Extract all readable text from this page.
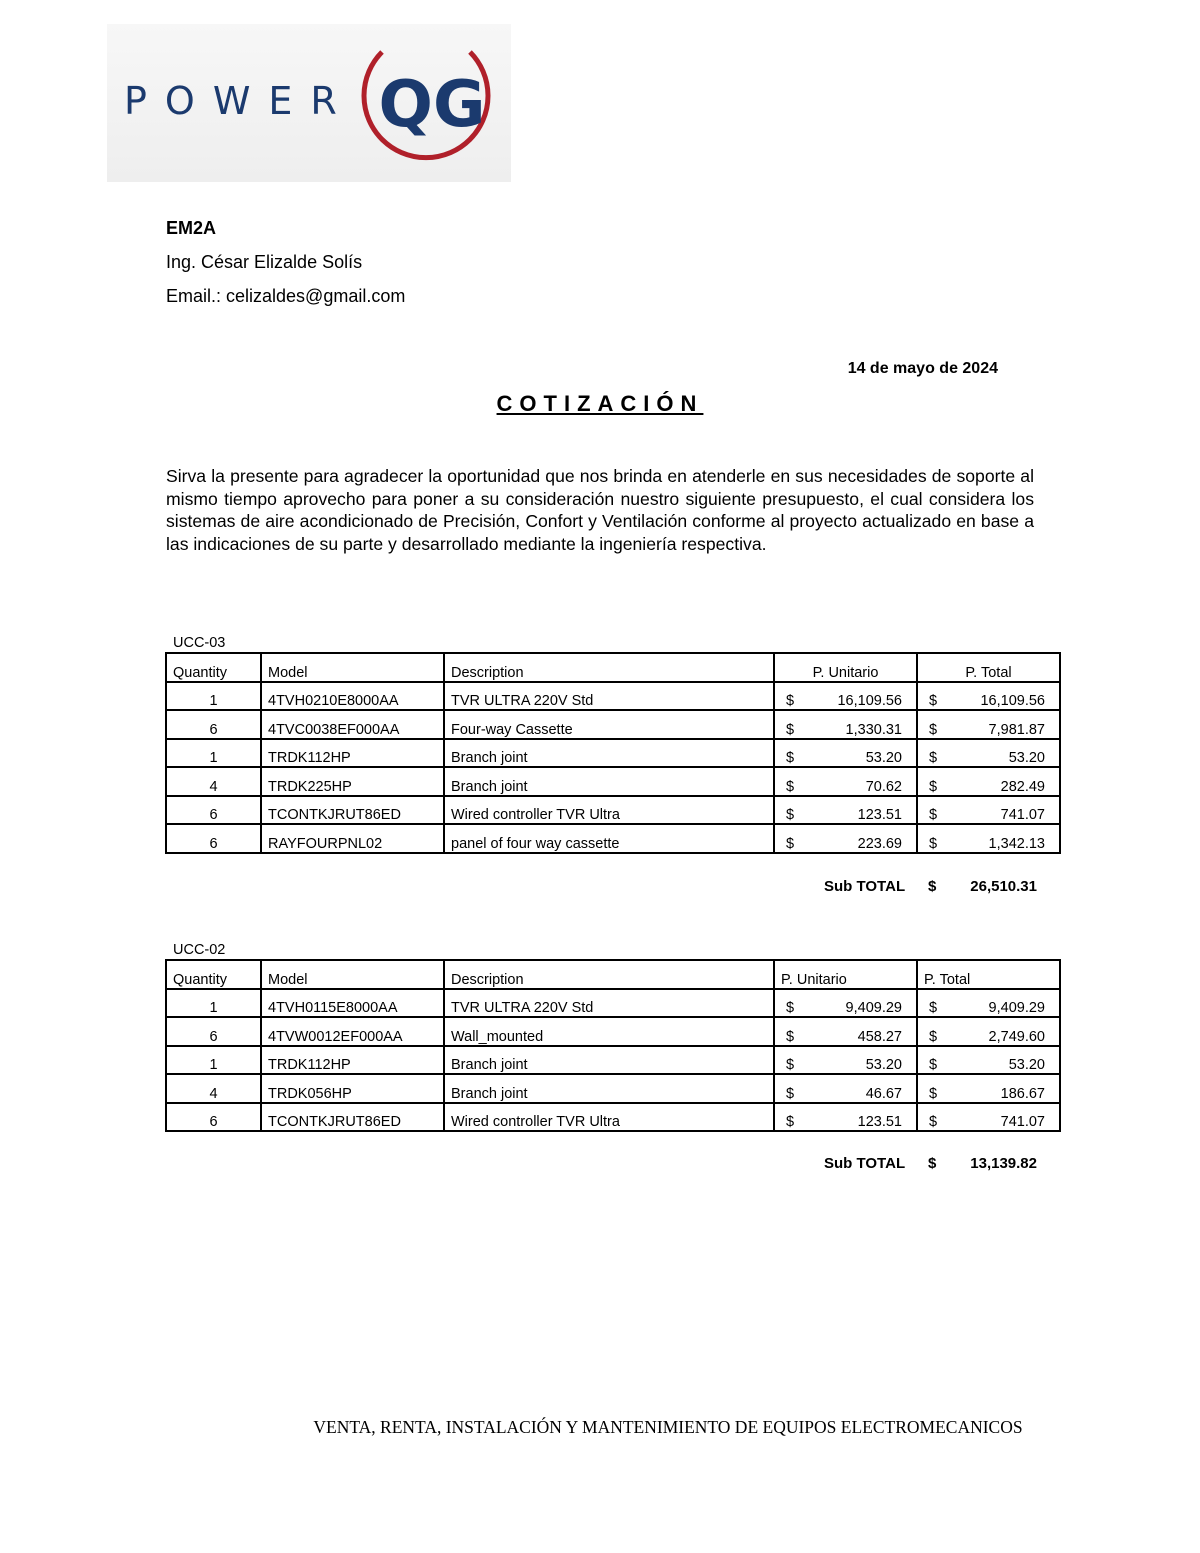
POWER QG
EM2A
Ing. César Elizalde Solís
Email.: celizaldes@gmail.com
14 de mayo de 2024
COTIZACIÓN
Sirva la presente para agradecer la oportunidad que nos brinda en atenderle en sus necesidades de soporte al mismo tiempo aprovecho para poner a su consideración nuestro siguiente presupuesto, el cual considera los sistemas de aire acondicionado de Precisión, Confort y Ventilación conforme al proyecto actualizado en base a las indicaciones de su parte y desarrollado mediante la ingeniería respectiva.
UCC-03
Quantity	Model	Description	P. Unitario	P. Total
1	4TVH0210E8000AA	TVR ULTRA 220V Std	$ 16,109.56	$ 16,109.56

6	4TVC0038EF000AA	Four-way Cassette	$ 1,330.31	$ 7,981.87

1	TRDK112HP	Branch joint	$ 53.20	$ 53.20

4	TRDK225HP	Branch joint	$ 70.62	$ 282.49

6	TCONTKJRUT86ED	Wired controller TVR Ultra	$ 123.51	$ 741.07

6	RAYFOURPNL02	panel of four way cassette	$ 223.69	$ 1,342.13
Sub TOTAL $	26,510.31
UCC-02
Quantity	Model	Description	P. Unitario	P. Total
1	4TVH0115E8000AA	TVR ULTRA 220V Std	$ 9,409.29	$ 9,409.29

6	4TVW0012EF000AA	Wall_mounted	$ 458.27	$ 2,749.60

1	TRDK112HP	Branch joint	$ 53.20	$ 53.20

4	TRDK056HP	Branch joint	$ 46.67	$ 186.67

6	TCONTKJRUT86ED	Wired controller TVR Ultra	$ 123.51	$ 741.07
Sub TOTAL $	13,139.82
VENTA, RENTA, INSTALACIÓN Y MANTENIMIENTO DE EQUIPOS ELECTROMECANICOS
